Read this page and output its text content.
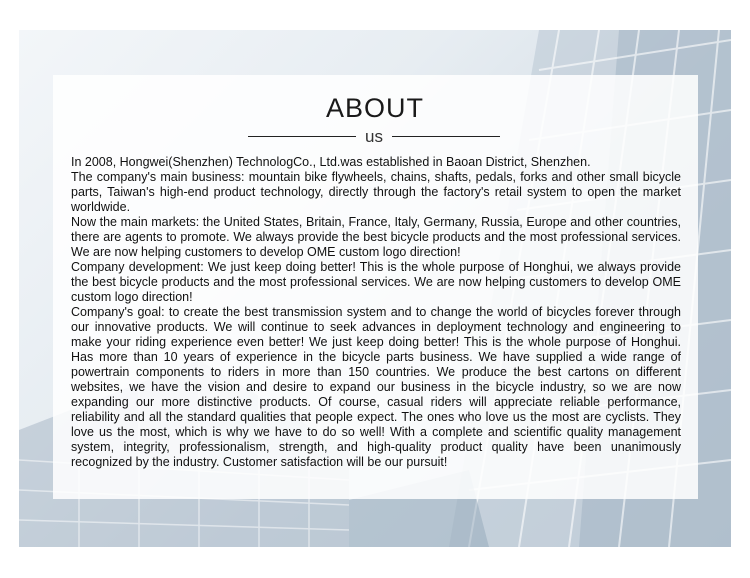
ABOUT
us

In 2008, Hongwei(Shenzhen) TechnologCo., Ltd.was established in Baoan District, Shenzhen.

The company's main business: mountain bike flywheels, chains, shafts, pedals, forks and other small bicycle parts, Taiwan's high-end product technology, directly through the factory's retail system to open the market worldwide.

Now the main markets: the United States, Britain, France, Italy, Germany, Russia, Europe and other countries, there are agents to promote. We always provide the best bicycle products and the most professional services. We are now helping customers to develop OME custom logo direction!

Company development: We just keep doing better! This is the whole purpose of Honghui, we always provide the best bicycle products and the most professional services. We are now helping customers to develop OME custom logo direction!

Company's goal: to create the best transmission system and to change the world of bicycles forever through our innovative products. We will continue to seek advances in deployment technology and engineering to make your riding experience even better! We just keep doing better! This is the whole purpose of Honghui. Has more than 10 years of experience in the bicycle parts business. We have supplied a wide range of powertrain components to riders in more than 150 countries. We produce the best cartons on different websites, we have the vision and desire to expand our business in the bicycle industry, so we are now expanding our more distinctive products. Of course, casual riders will appreciate reliable performance, reliability and all the standard qualities that people expect. The ones who love us the most are cyclists. They love us the most, which is why we have to do so well! With a complete and scientific quality management system, integrity, professionalism, strength, and high-quality product quality have been unanimously recognized by the industry. Customer satisfaction will be our pursuit!
